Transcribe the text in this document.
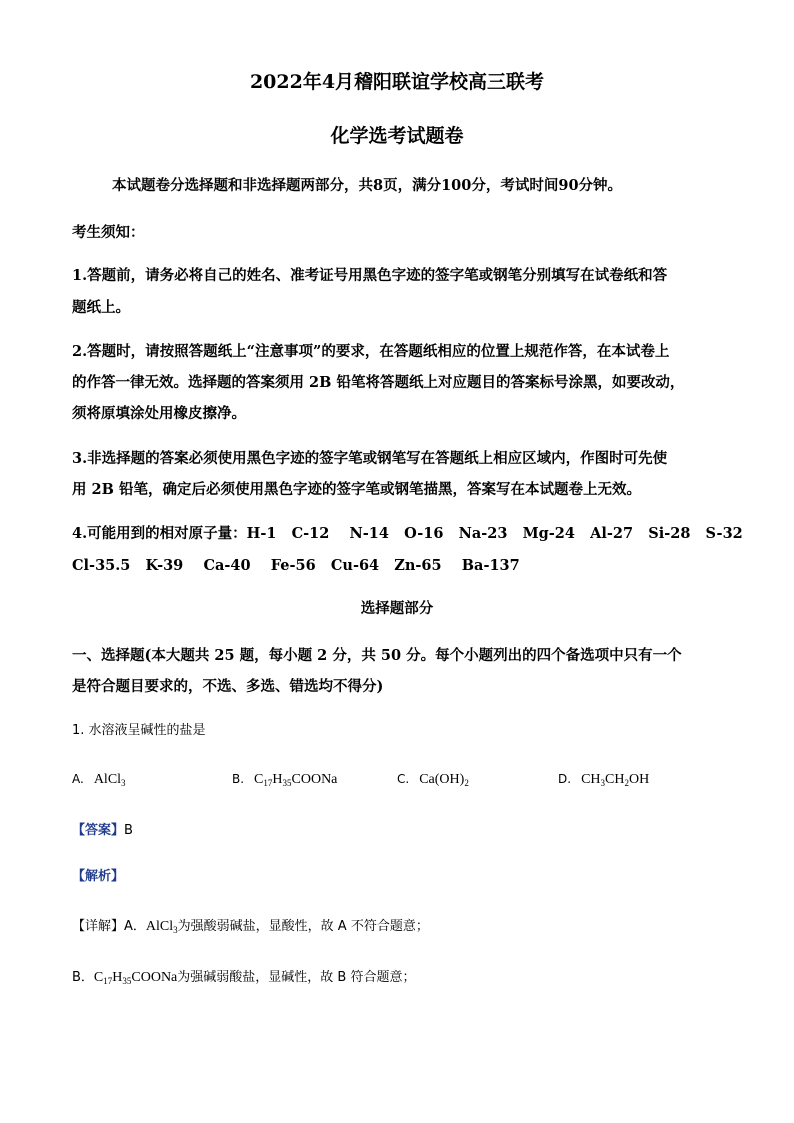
2022年4月稽阳联谊学校高三联考
化学选考试题卷
本试题卷分选择题和非选择题两部分，共8页，满分100分，考试时间90分钟。
考生须知：
1.答题前，请务必将自己的姓名、准考证号用黑色字迹的签字笔或钢笔分别填写在试卷纸和答
题纸上。
2.答题时，请按照答题纸上“注意事项”的要求，在答题纸相应的位置上规范作答，在本试卷上
的作答一律无效。选择题的答案须用 2B 铅笔将答题纸上对应题目的答案标号涂黑，如要改动，
须将原填涂处用橡皮擦净。
3.非选择题的答案必须使用黑色字迹的签字笔或钢笔写在答题纸上相应区域内，作图时可先使
用 2B 铅笔，确定后必须使用黑色字迹的签字笔或钢笔描黑，答案写在本试题卷上无效。
4.可能用到的相对原子量：H-1   C-12    N-14   O-16   Na-23   Mg-24   Al-27   Si-28   S-32
Cl-35.5   K-39    Ca-40    Fe-56   Cu-64   Zn-65    Ba-137
选择题部分
一、选择题(本大题共 25 题，每小题 2 分，共 50 分。每个小题列出的四个备选项中只有一个
是符合题目要求的，不选、多选、错选均不得分)
1. 水溶液呈碱性的盐是
A. AlCl$_3$	B. $C_{17}H_{35}COONa$	C. $Ca(OH)_2$	D. $CH_3CH_2OH$
【答案】B
【解析】
【详解】A．AlCl$_3$为强酸弱碱盐，显酸性，故 A 不符合题意；
B．$C_{17}H_{35}COONa$为强碱弱酸盐，显碱性，故 B 符合题意；
